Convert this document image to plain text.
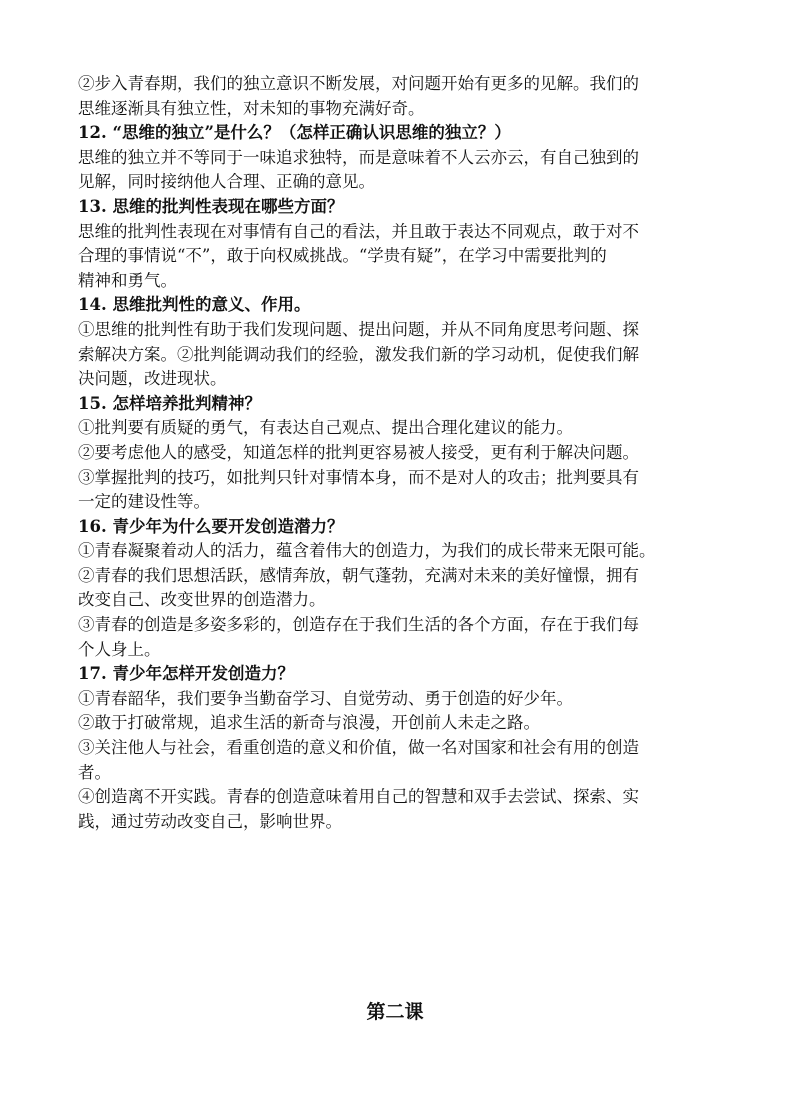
②步入青春期，我们的独立意识不断发展，对问题开始有更多的见解。我们的

思维逐渐具有独立性，对未知的事物充满好奇。

12. “思维的独立”是什么？（怎样正确认识思维的独立？）

思维的独立并不等同于一味追求独特，而是意味着不人云亦云，有自己独到的

见解，同时接纳他人合理、正确的意见。

13. 思维的批判性表现在哪些方面？

思维的批判性表现在对事情有自己的看法，并且敢于表达不同观点，敢于对不

合理的事情说“不”，敢于向权威挑战。“学贵有疑”，在学习中需要批判的

精神和勇气。

14. 思维批判性的意义、作用。

①思维的批判性有助于我们发现问题、提出问题，并从不同角度思考问题、探

索解决方案。②批判能调动我们的经验，激发我们新的学习动机，促使我们解

决问题，改进现状。

15. 怎样培养批判精神？

①批判要有质疑的勇气，有表达自己观点、提出合理化建议的能力。

②要考虑他人的感受，知道怎样的批判更容易被人接受，更有利于解决问题。

③掌握批判的技巧，如批判只针对事情本身，而不是对人的攻击；批判要具有

一定的建设性等。

16. 青少年为什么要开发创造潜力？

①青春凝聚着动人的活力，蕴含着伟大的创造力，为我们的成长带来无限可能。

②青春的我们思想活跃，感情奔放，朝气蓬勃，充满对未来的美好憧憬，拥有

改变自己、改变世界的创造潜力。

③青春的创造是多姿多彩的，创造存在于我们生活的各个方面，存在于我们每

个人身上。

17. 青少年怎样开发创造力？

①青春韶华，我们要争当勤奋学习、自觉劳动、勇于创造的好少年。

②敢于打破常规，追求生活的新奇与浪漫，开创前人未走之路。

③关注他人与社会，看重创造的意义和价值，做一名对国家和社会有用的创造

者。

④创造离不开实践。青春的创造意味着用自己的智慧和双手去尝试、探索、实

践，通过劳动改变自己，影响世界。

第二课
